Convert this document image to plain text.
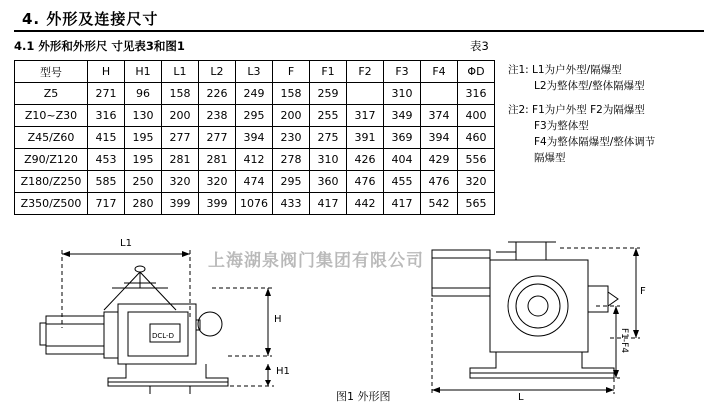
4. 外形及连接尺寸
4.1 外形和外形尺 寸见表3和图1	表3
型号	H	H1	L1	L2	L3	F	F1	F2	F3	F4	ΦD
Z5	271	96	158	226	249	158	259		310		316
Z10~Z30	316	130	200	238	295	200	255	317	349	374	400
Z45/Z60	415	195	277	277	394	230	275	391	369	394	460
Z90/Z120	453	195	281	281	412	278	310	426	404	429	556
Z180/Z250	585	250	320	320	474	295	360	476	455	476	320
Z350/Z500	717	280	399	399	1076	433	417	442	417	542	565
注1: L1为户外型/隔爆型
L2为整体型/整体隔爆型
注2: F1为户外型 F2为隔爆型
F3为整体型
F4为整体隔爆型/整体调节
隔爆型
DCL-D
L1
H
H1
F
F1-F4
L
上海湖泉阀门集团有限公司
图1 外形图
